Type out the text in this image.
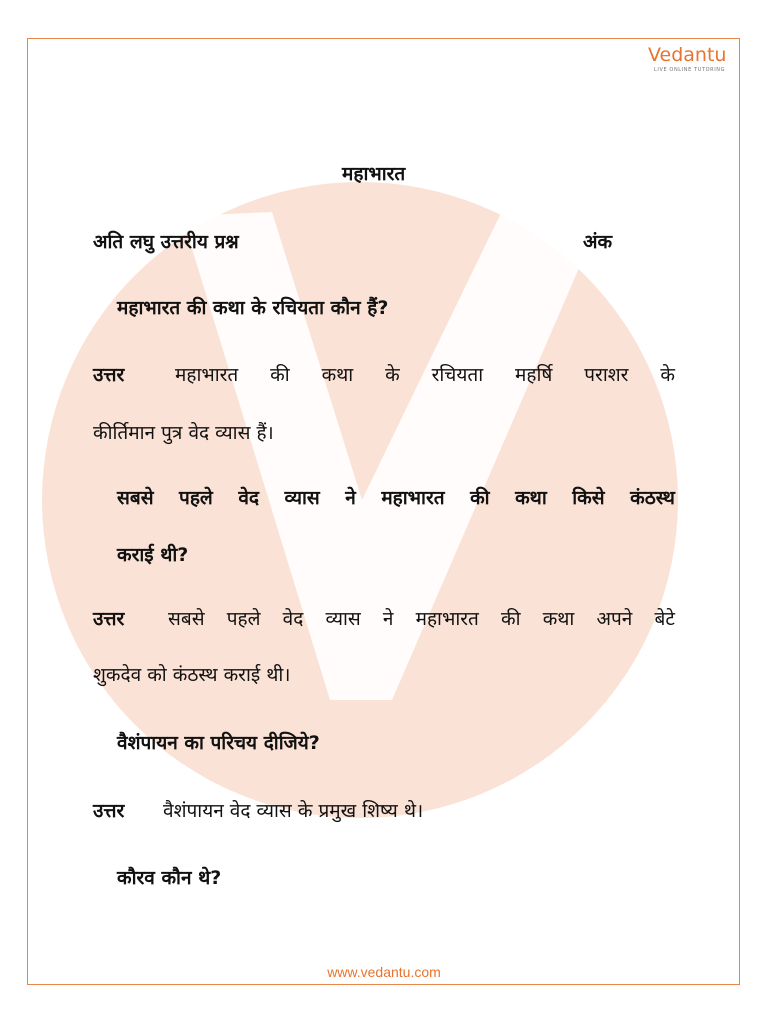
Vedantu
LIVE ONLINE TUTORING
महाभारत
अति लघु उत्तरीय प्रश्न	अंक
महाभारत की कथा के रचियता कौन हैं?
उत्तर	महाभारत की कथा के रचियता महर्षि पराशर के
कीर्तिमान पुत्र वेद व्यास हैं।
सबसे पहले वेद व्यास ने महाभारत की कथा किसे कंठस्थ
कराई थी?
उत्तर सबसे पहले वेद व्यास ने महाभारत की कथा अपने बेटे
शुकदेव को कंठस्थ कराई थी।
वैशंपायन का परिचय दीजिये?
उत्तर वैशंपायन वेद व्यास के प्रमुख शिष्य थे।
कौरव कौन थे?
www.vedantu.com
